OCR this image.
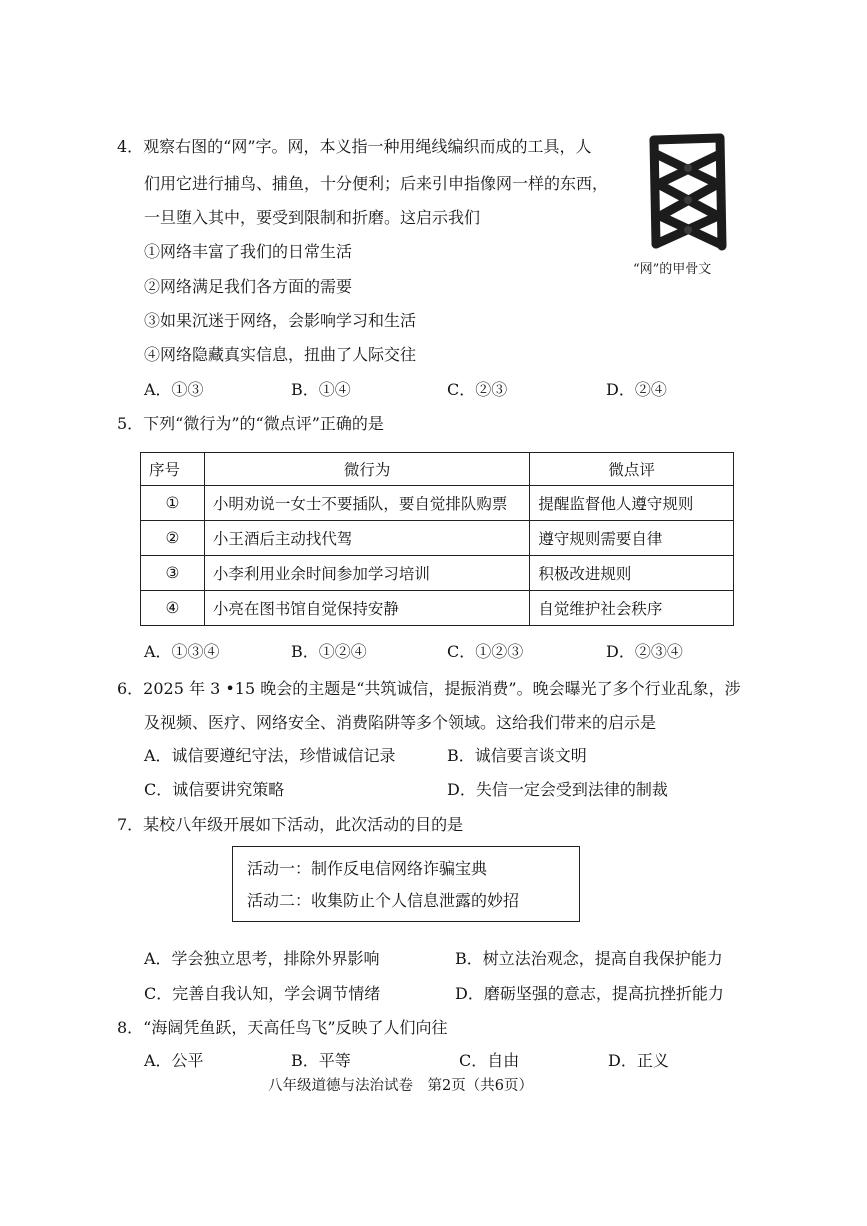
4．观察右图的“网”字。网，本义指一种用绳线编织而成的工具，人
们用它进行捕鸟、捕鱼，十分便利；后来引申指像网一样的东西，
一旦堕入其中，要受到限制和折磨。这启示我们
①网络丰富了我们的日常生活
②网络满足我们各方面的需要
③如果沉迷于网络，会影响学习和生活
④网络隐藏真实信息，扭曲了人际交往
A．①③	B．①④	C．②③	D．②④
“网”的甲骨文
5．下列“微行为”的“微点评”正确的是
序号	微行为	微点评
①	小明劝说一女士不要插队，要自觉排队购票	提醒监督他人遵守规则
②	小王酒后主动找代驾	遵守规则需要自律
③	小李利用业余时间参加学习培训	积极改进规则
④	小亮在图书馆自觉保持安静	自觉维护社会秩序
A．①③④	B．①②④	C．①②③	D．②③④
6．2025 年 3 •15 晚会的主题是“共筑诚信，提振消费”。晚会曝光了多个行业乱象，涉
及视频、医疗、网络安全、消费陷阱等多个领域。这给我们带来的启示是
A．诚信要遵纪守法，珍惜诚信记录	B．诚信要言谈文明
C．诚信要讲究策略	D．失信一定会受到法律的制裁
7．某校八年级开展如下活动，此次活动的目的是
活动一：制作反电信网络诈骗宝典
活动二：收集防止个人信息泄露的妙招
A．学会独立思考，排除外界影响	B．树立法治观念，提高自我保护能力
C．完善自我认知，学会调节情绪	D．磨砺坚强的意志，提高抗挫折能力
8．“海阔凭鱼跃，天高任鸟飞”反映了人们向往
A．公平	B．平等	C．自由	D．正义
八年级道德与法治试卷　第2页（共6页）
